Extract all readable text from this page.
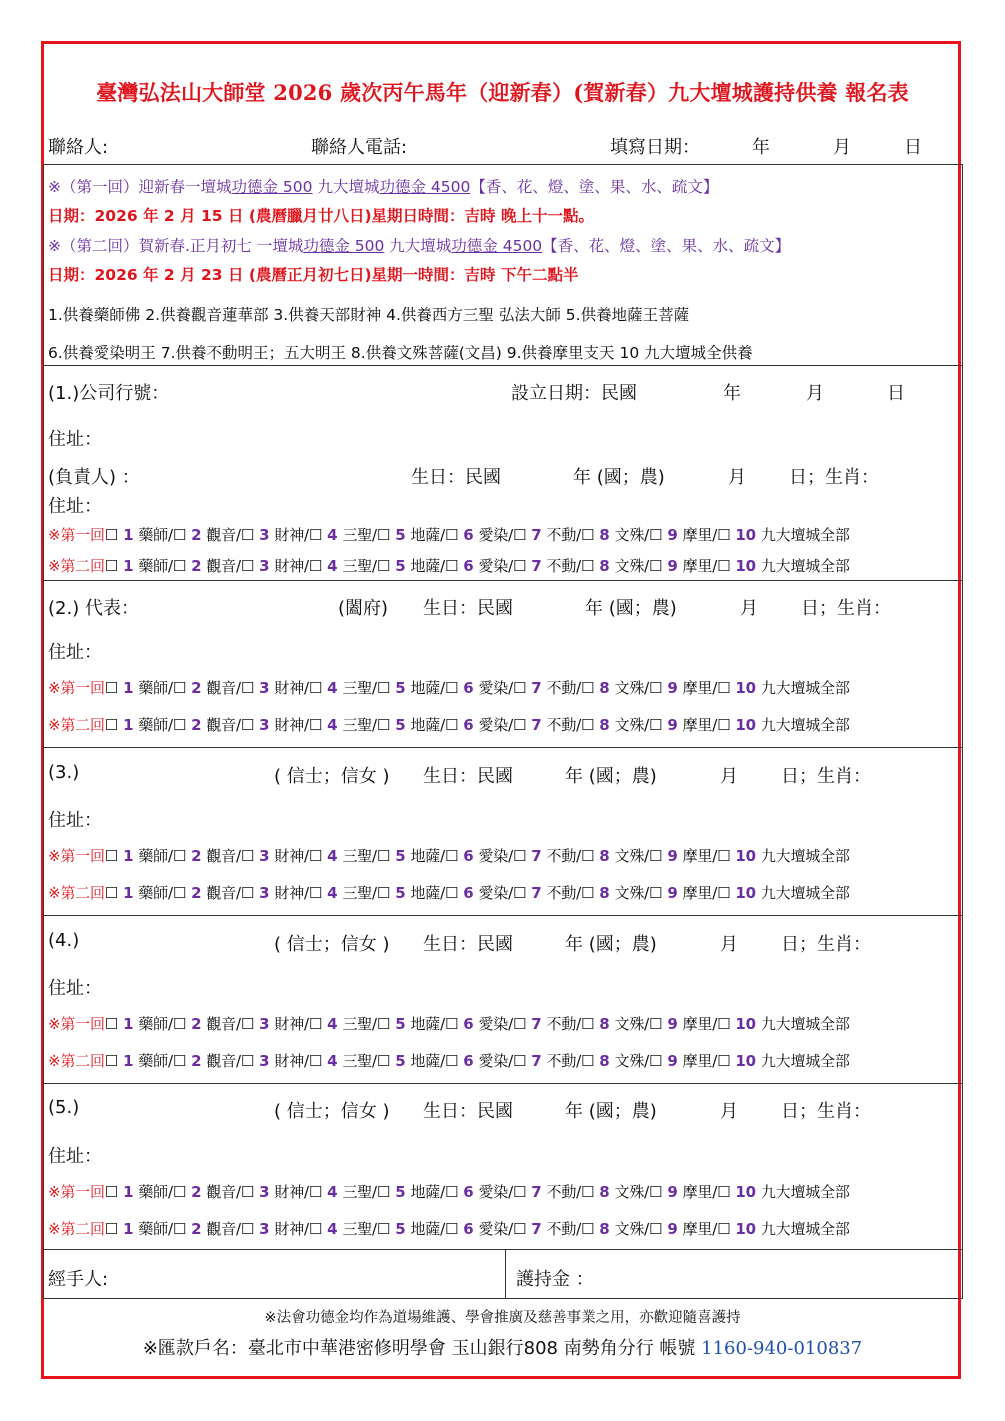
臺灣弘法山大師堂 2026 歲次丙午馬年（迎新春）(賀新春）九大壇城護持供養 報名表
聯絡人:	聯絡人電話:	填寫日期：	年	月	日
※（第一回）迎新春一壇城功德金 500 九大壇城功德金 4500【香、花、燈、塗、果、水、疏文】
日期：2026 年 2 月 15 日 (農曆臘月廿八日)星期日時間：吉時 晚上十一點。
※（第二回）賀新春.正月初七 一壇城功德金 500 九大壇城功德金 4500【香、花、燈、塗、果、水、疏文】
日期：2026 年 2 月 23 日 (農曆正月初七日)星期一時間：吉時 下午二點半
1.供養藥師佛 2.供養觀音蓮華部 3.供養天部財神 4.供養西方三聖 弘法大師 5.供養地薩王菩薩
6.供養愛染明王 7.供養不動明王；五大明王 8.供養文殊菩薩(文昌) 9.供養摩里支天 10 九大壇城全供養
(1.)公司行號：	設立日期：民國	年	月	日
住址：
(負責人) ：	生日：民國	年 (國；農)	月 日；生肖：
住址：
※第一回☐ 1 藥師/☐ 2 觀音/☐ 3 財神/☐ 4 三聖/☐ 5 地薩/☐ 6 愛染/☐ 7 不動/☐ 8 文殊/☐ 9 摩里/☐ 10 九大壇城全部
※第二回☐ 1 藥師/☐ 2 觀音/☐ 3 財神/☐ 4 三聖/☐ 5 地薩/☐ 6 愛染/☐ 7 不動/☐ 8 文殊/☐ 9 摩里/☐ 10 九大壇城全部
(2.) 代表：	(闔府) 生日：民國	年 (國；農)	月 日；生肖：
住址：
※第一回☐ 1 藥師/☐ 2 觀音/☐ 3 財神/☐ 4 三聖/☐ 5 地薩/☐ 6 愛染/☐ 7 不動/☐ 8 文殊/☐ 9 摩里/☐ 10 九大壇城全部
※第二回☐ 1 藥師/☐ 2 觀音/☐ 3 財神/☐ 4 三聖/☐ 5 地薩/☐ 6 愛染/☐ 7 不動/☐ 8 文殊/☐ 9 摩里/☐ 10 九大壇城全部
(3.)	( 信士；信女 ) 生日：民國	年 (國；農)	月 日；生肖：
住址：
※第一回☐ 1 藥師/☐ 2 觀音/☐ 3 財神/☐ 4 三聖/☐ 5 地薩/☐ 6 愛染/☐ 7 不動/☐ 8 文殊/☐ 9 摩里/☐ 10 九大壇城全部
※第二回☐ 1 藥師/☐ 2 觀音/☐ 3 財神/☐ 4 三聖/☐ 5 地薩/☐ 6 愛染/☐ 7 不動/☐ 8 文殊/☐ 9 摩里/☐ 10 九大壇城全部
(4.)	( 信士；信女 ) 生日：民國	年 (國；農)	月 日；生肖：
住址：
※第一回☐ 1 藥師/☐ 2 觀音/☐ 3 財神/☐ 4 三聖/☐ 5 地薩/☐ 6 愛染/☐ 7 不動/☐ 8 文殊/☐ 9 摩里/☐ 10 九大壇城全部
※第二回☐ 1 藥師/☐ 2 觀音/☐ 3 財神/☐ 4 三聖/☐ 5 地薩/☐ 6 愛染/☐ 7 不動/☐ 8 文殊/☐ 9 摩里/☐ 10 九大壇城全部
(5.)	( 信士；信女 ) 生日：民國	年 (國；農)	月 日；生肖：
住址：
※第一回☐ 1 藥師/☐ 2 觀音/☐ 3 財神/☐ 4 三聖/☐ 5 地薩/☐ 6 愛染/☐ 7 不動/☐ 8 文殊/☐ 9 摩里/☐ 10 九大壇城全部
※第二回☐ 1 藥師/☐ 2 觀音/☐ 3 財神/☐ 4 三聖/☐ 5 地薩/☐ 6 愛染/☐ 7 不動/☐ 8 文殊/☐ 9 摩里/☐ 10 九大壇城全部
經手人:	護持金 ：
※法會功德金均作為道場維護、學會推廣及慈善事業之用，亦歡迎隨喜護持
※匯款戶名：臺北市中華港密修明學會 玉山銀行808 南勢角分行 帳號 1160-940-010837
